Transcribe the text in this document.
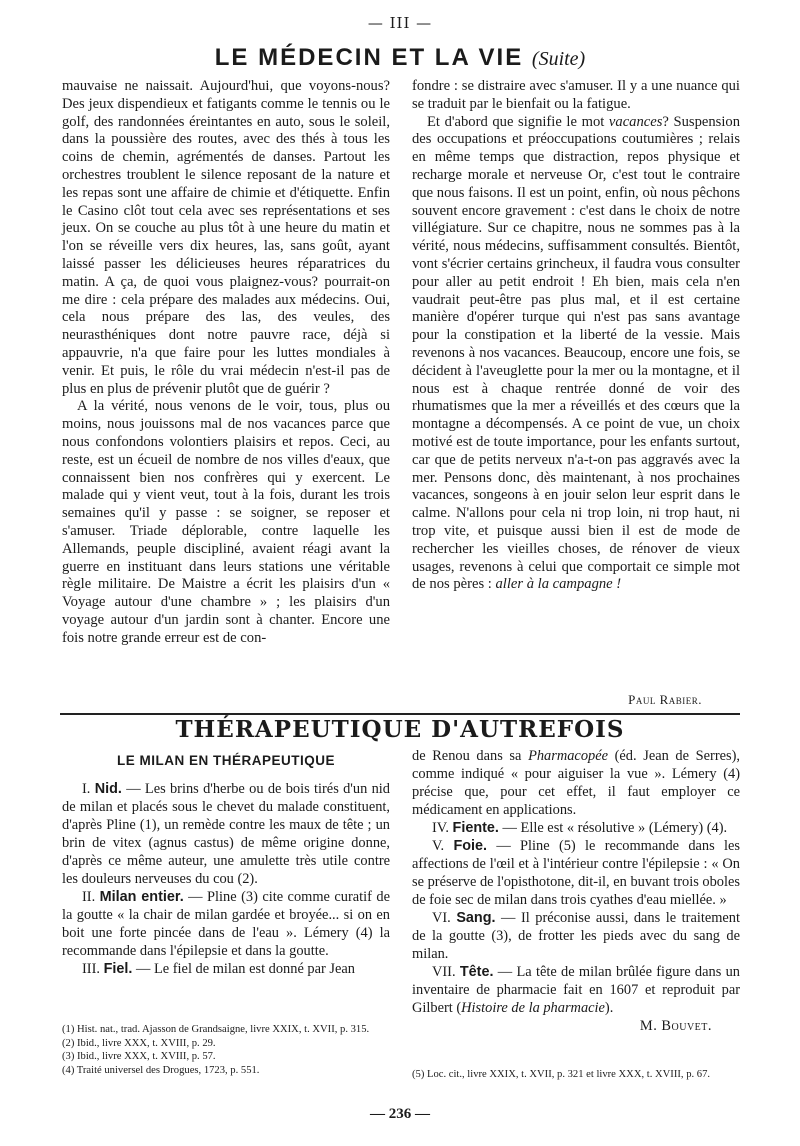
— III —
LE MÉDECIN ET LA VIE (Suite)

mauvaise ne naissait. Aujourd'hui, que voyons-nous? Des jeux dispendieux et fatigants comme le tennis ou le golf, des randonnées éreintantes en auto, sous le soleil, dans la poussière des routes, avec des thés à tous les coins de chemin, agrémentés de danses. Partout les orchestres troublent le silence reposant de la nature et les repas sont une affaire de chimie et d'étiquette. Enfin le Casino clôt tout cela avec ses représentations et ses jeux. On se couche au plus tôt à une heure du matin et l'on se réveille vers dix heures, las, sans goût, ayant laissé passer les délicieuses heures réparatrices du matin. A ça, de quoi vous plaignez-vous? pourrait-on me dire : cela prépare des malades aux médecins. Oui, cela nous prépare des las, des veules, des neurasthéniques dont notre pauvre race, déjà si appauvrie, n'a que faire pour les luttes mondiales à venir. Et puis, le rôle du vrai médecin n'est-il pas de plus en plus de prévenir plutôt que de guérir ?

A la vérité, nous venons de le voir, tous, plus ou moins, nous jouissons mal de nos vacances parce que nous confondons volontiers plaisirs et repos. Ceci, au reste, est un écueil de nombre de nos villes d'eaux, que connaissent bien nos confrères qui y exercent. Le malade qui y vient veut, tout à la fois, durant les trois semaines qu'il y passe : se soigner, se reposer et s'amuser. Triade déplorable, contre laquelle les Allemands, peuple discipliné, avaient réagi avant la guerre en instituant dans leurs stations une véritable règle militaire. De Maistre a écrit les plaisirs d'un « Voyage autour d'une chambre » ; les plaisirs d'un voyage autour d'un jardin sont à chanter. Encore une fois notre grande erreur est de con-

fondre : se distraire avec s'amuser. Il y a une nuance qui se traduit par le bienfait ou la fatigue.

Et d'abord que signifie le mot vacances? Suspension des occupations et préoccupations coutumières ; relais en même temps que distraction, repos physique et recharge morale et nerveuse Or, c'est tout le contraire que nous faisons. Il est un point, enfin, où nous pêchons souvent encore gravement : c'est dans le choix de notre villégiature. Sur ce chapitre, nous ne sommes pas à la vérité, nous médecins, suffisamment consultés. Bientôt, vont s'écrier certains grincheux, il faudra vous consulter pour aller au petit endroit ! Eh bien, mais cela n'en vaudrait peut-être pas plus mal, et il est certaine manière d'opérer turque qui n'est pas sans avantage pour la constipation et la liberté de la vessie. Mais revenons à nos vacances. Beaucoup, encore une fois, se décident à l'aveuglette pour la mer ou la montagne, et il nous est à chaque rentrée donné de voir des rhumatismes que la mer a réveillés et des cœurs que la montagne a décompensés. A ce point de vue, un choix motivé est de toute importance, pour les enfants surtout, car que de petits nerveux n'a-t-on pas aggravés avec la mer. Pensons donc, dès maintenant, à nos prochaines vacances, songeons à en jouir selon leur esprit dans le calme. N'allons pour cela ni trop loin, ni trop haut, ni trop vite, et puisque aussi bien il est de mode de rechercher les vieilles choses, de rénover de vieux usages, revenons à celui que comportait ce simple mot de nos pères : aller à la campagne !

Paul Rabier.
THÉRAPEUTIQUE D'AUTREFOIS
LE MILAN EN THÉRAPEUTIQUE

I. Nid. — Les brins d'herbe ou de bois tirés d'un nid de milan et placés sous le chevet du malade constituent, d'après Pline (1), un remède contre les maux de tête ; un brin de vitex (agnus castus) de même origine donne, d'après ce même auteur, une amulette très utile contre les douleurs nerveuses du cou (2).

II. Milan entier. — Pline (3) cite comme curatif de la goutte « la chair de milan gardée et broyée... si on en boit une forte pincée dans de l'eau ». Lémery (4) la recommande dans l'épilepsie et dans la goutte.

III. Fiel. — Le fiel de milan est donné par Jean

de Renou dans sa Pharmacopée (éd. Jean de Serres), comme indiqué « pour aiguiser la vue ». Lémery (4) précise que, pour cet effet, il faut employer ce médicament en applications.

IV. Fiente. — Elle est « résolutive » (Lémery) (4).

V. Foie. — Pline (5) le recommande dans les affections de l'œil et à l'intérieur contre l'épilepsie : « On se préserve de l'opisthotone, dit-il, en buvant trois oboles de foie sec de milan dans trois cyathes d'eau miellée. »

VI. Sang. — Il préconise aussi, dans le traitement de la goutte (3), de frotter les pieds avec du sang de milan.

VII. Tête. — La tête de milan brûlée figure dans un inventaire de pharmacie fait en 1607 et reproduit par Gilbert (Histoire de la pharmacie).

M. Bouvet.

(1) Hist. nat., trad. Ajasson de Grandsaigne, livre XXIX, t. XVII, p. 315.
(2) Ibid., livre XXX, t. XVIII, p. 29.
(3) Ibid., livre XXX, t. XVIII, p. 57.
(4) Traité universel des Drogues, 1723, p. 551.	(5) Loc. cit., livre XXIX, t. XVII, p. 321 et livre XXX, t. XVIII, p. 67.
— 236 —
